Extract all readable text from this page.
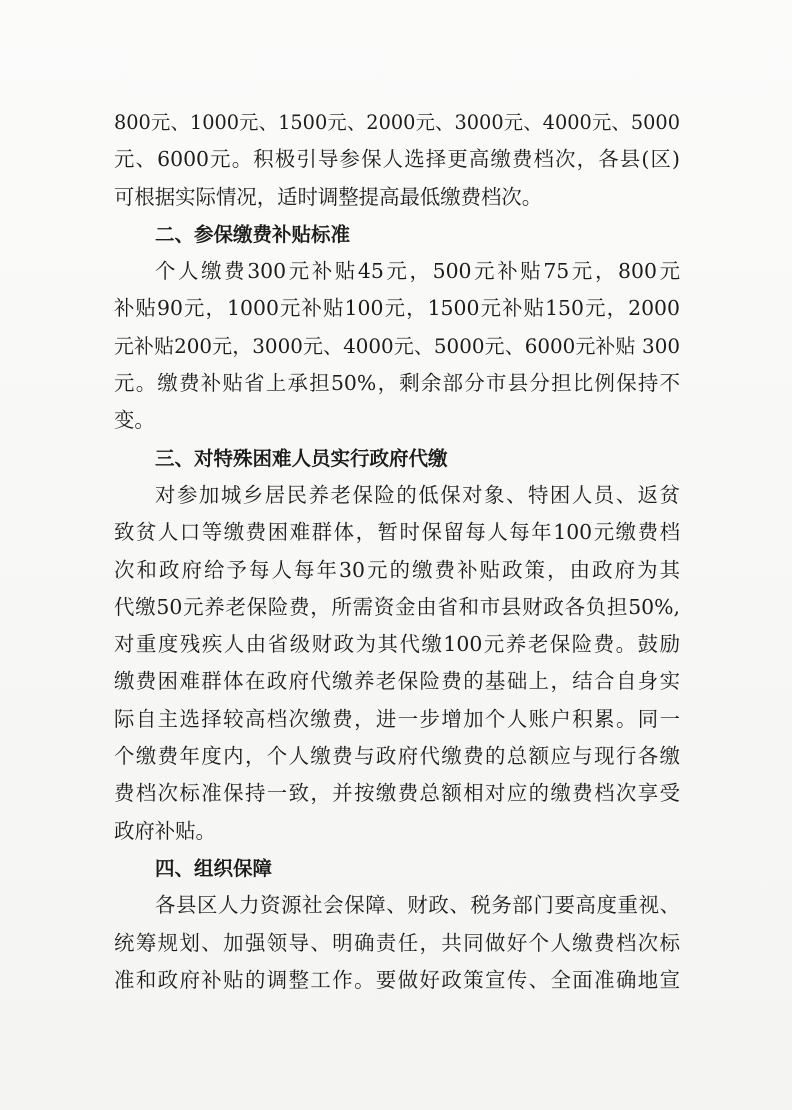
800元、1000元、1500元、2000元、3000元、4000元、5000
元、6000元。积极引导参保人选择更高缴费档次，各县(区)
可根据实际情况，适时调整提高最低缴费档次。
二、参保缴费补贴标准
个人缴费300元补贴45元，500元补贴75元，800元
补贴90元，1000元补贴100元，1500元补贴150元，2000
元补贴200元，3000元、4000元、5000元、6000元补贴 300
元。缴费补贴省上承担50%，剩余部分市县分担比例保持不
变。
三、对特殊困难人员实行政府代缴
对参加城乡居民养老保险的低保对象、特困人员、返贫
致贫人口等缴费困难群体，暂时保留每人每年100元缴费档
次和政府给予每人每年30元的缴费补贴政策，由政府为其
代缴50元养老保险费，所需资金由省和市县财政各负担50%,
对重度残疾人由省级财政为其代缴100元养老保险费。鼓励
缴费困难群体在政府代缴养老保险费的基础上，结合自身实
际自主选择较高档次缴费，进一步增加个人账户积累。同一
个缴费年度内，个人缴费与政府代缴费的总额应与现行各缴
费档次标准保持一致，并按缴费总额相对应的缴费档次享受
政府补贴。
四、组织保障
各县区人力资源社会保障、财政、税务部门要高度重视、
统筹规划、加强领导、明确责任，共同做好个人缴费档次标
准和政府补贴的调整工作。要做好政策宣传、全面准确地宣
